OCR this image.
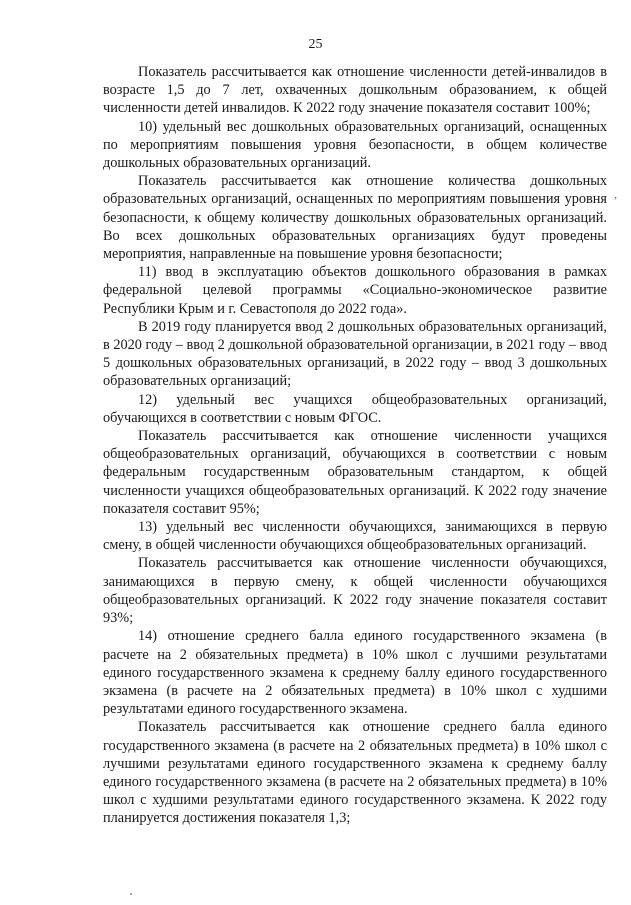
25
,

Показатель рассчитывается как отношение численности детей-инвалидов в возрасте 1,5 до 7 лет, охваченных дошкольным образованием, к общей численности детей инвалидов. К 2022 году значение показателя составит 100%;

10) удельный вес дошкольных образовательных организаций, оснащенных по мероприятиям повышения уровня безопасности, в общем количестве дошкольных образовательных организаций.

Показатель рассчитывается как отношение количества дошкольных образовательных организаций, оснащенных по мероприятиям повышения уровня безопасности, к общему количеству дошкольных образовательных организаций. Во всех дошкольных образовательных организациях будут проведены мероприятия, направленные на повышение уровня безопасности;

11) ввод в эксплуатацию объектов дошкольного образования в рамках федеральной целевой программы «Социально-экономическое развитие Республики Крым и г. Севастополя до 2022 года».

В 2019 году планируется ввод 2 дошкольных образовательных организаций, в 2020 году – ввод 2 дошкольной образовательной организации, в 2021 году – ввод 5 дошкольных образовательных организаций, в 2022 году – ввод 3 дошкольных образовательных организаций;

12) удельный вес учащихся общеобразовательных организаций, обучающихся в соответствии с новым ФГОС.

Показатель рассчитывается как отношение численности учащихся общеобразовательных организаций, обучающихся в соответствии с новым федеральным государственным образовательным стандартом, к общей численности учащихся общеобразовательных организаций. К 2022 году значение показателя составит 95%;

13) удельный вес численности обучающихся, занимающихся в первую смену, в общей численности обучающихся общеобразовательных организаций.

Показатель рассчитывается как отношение численности обучающихся, занимающихся в первую смену, к общей численности обучающихся общеобразовательных организаций. К 2022 году значение показателя составит 93%;

14) отношение среднего балла единого государственного экзамена (в расчете на 2 обязательных предмета) в 10% школ с лучшими результатами единого государственного экзамена к среднему баллу единого государственного экзамена (в расчете на 2 обязательных предмета) в 10% школ с худшими результатами единого государственного экзамена.

Показатель рассчитывается как отношение среднего балла единого государственного экзамена (в расчете на 2 обязательных предмета) в 10% школ с лучшими результатами единого государственного экзамена к среднему баллу единого государственного экзамена (в расчете на 2 обязательных предмета) в 10% школ с худшими результатами единого государственного экзамена. К 2022 году планируется достижения показателя 1,3;
